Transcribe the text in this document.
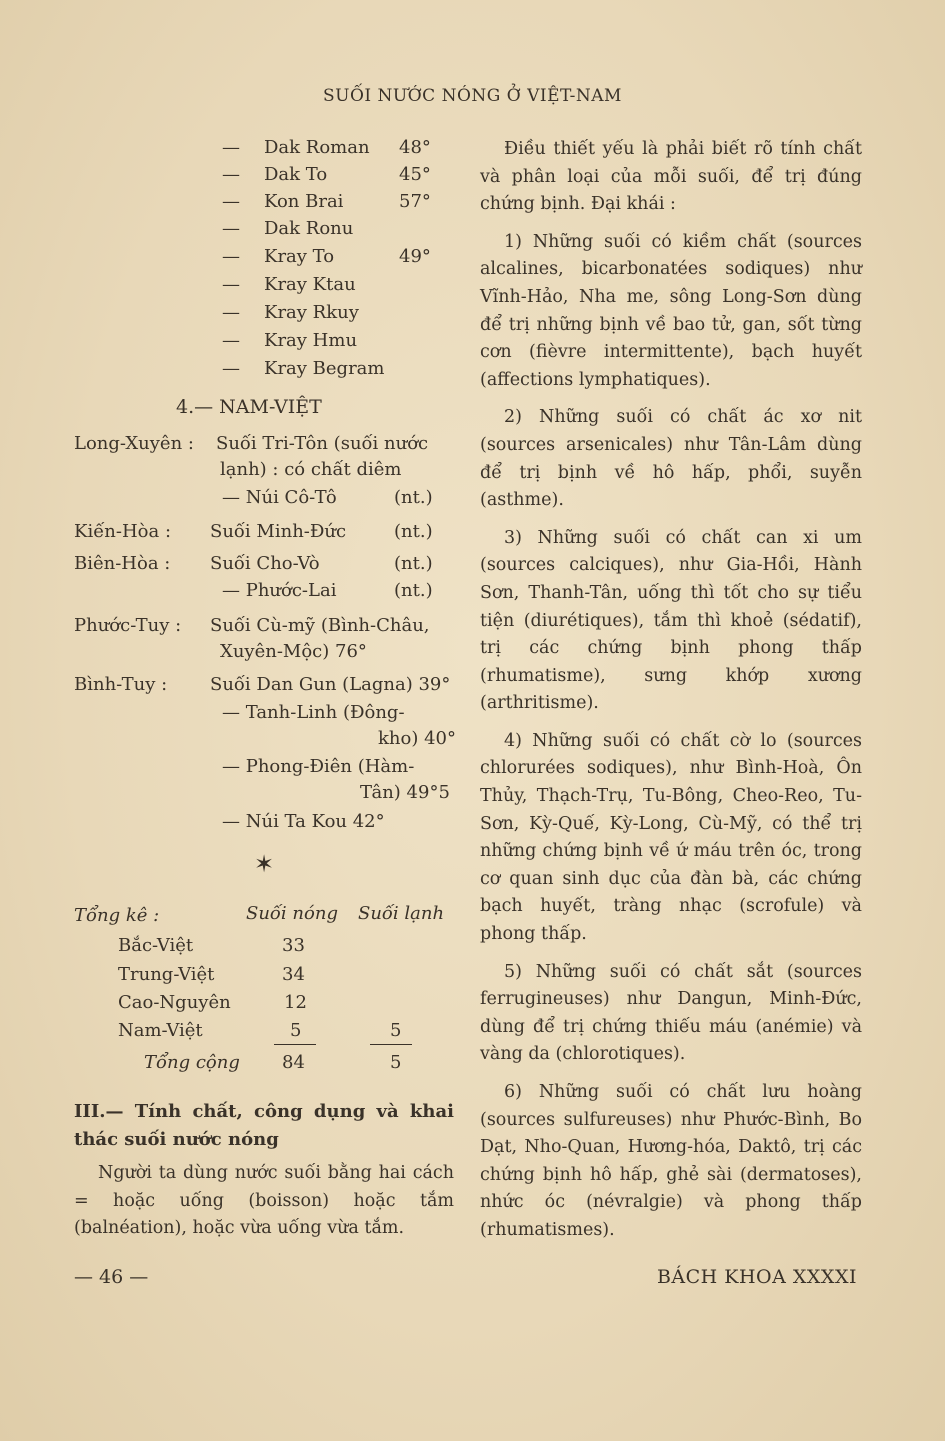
SUỐI NƯỚC NÓNG Ở VIỆT-NAM
— Dak Roman 48°
— Dak To	45°
— Kon Brai	57°
— Dak Ronu
— Kray To	49°
— Kray Ktau
— Kray Rkuy
— Kray Hmu
— Kray Begram
4.— NAM-VIỆT
Long-Xuyên : Suối Tri-Tôn (suối nước
lạnh) : có chất diêm
— Núi Cô-Tô	(nt.)
Kiến-Hòa : Suối Minh-Đức	(nt.)
Biên-Hòa : Suối Cho-Vò	(nt.)
— Phước-Lai	(nt.)
Phước-Tuy : Suối Cù-mỹ (Bình-Châu,
Xuyên-Mộc) 76°
Bình-Tuy : Suối Dan Gun (Lagna) 39°
— Tanh-Linh (Đông-
kho) 40°
— Phong-Điên (Hàm-
Tân) 49°5
— Núi Ta Kou 42°
✶
Tổng kê :	Suối nóng Suối lạnh
Bắc-Việt	33
Trung-Việt	34
Cao-Nguyên	12
Nam-Việt	5	5
Tổng cộng 84	5
III.— Tính chất, công dụng và khai thác suối nước nóng

Người ta dùng nước suối bằng hai cách = hoặc uống (boisson) hoặc tắm (balnéation), hoặc vừa uống vừa tắm.

Điều thiết yếu là phải biết rõ tính chất và phân loại của mỗi suối, để trị đúng chứng bịnh. Đại khái :

1) Những suối có kiềm chất (sources alcalines, bicarbonatées sodiques) như Vĩnh-Hảo, Nha me, sông Long-Sơn dùng để trị những bịnh về bao tử, gan, sốt từng cơn (fièvre intermittente), bạch huyết (affections lymphatiques).

2) Những suối có chất ác xơ nit (sources arsenicales) như Tân-Lâm dùng để trị bịnh về hô hấp, phổi, suyễn (asthme).

3) Những suối có chất can xi um (sources calciques), như Gia-Hồi, Hành Sơn, Thanh-Tân, uống thì tốt cho sự tiểu tiện (diurétiques), tắm thì khoẻ (sédatif), trị các chứng bịnh phong thấp (rhumatisme), sưng khớp xương (arthritisme).

4) Những suối có chất cờ lo (sources chlorurées sodiques), như Bình-Hoà, Ôn Thủy, Thạch-Trụ, Tu-Bông, Cheo-Reo, Tu-Sơn, Kỳ-Quế, Kỳ-Long, Cù-Mỹ, có thể trị những chứng bịnh về ứ máu trên óc, trong cơ quan sinh dục của đàn bà, các chứng bạch huyết, tràng nhạc (scrofule) và phong thấp.

5) Những suối có chất sắt (sources ferrugineuses) như Dangun, Minh-Đức, dùng để trị chứng thiếu máu (anémie) và vàng da (chlorotiques).

6) Những suối có chất lưu hoàng (sources sulfureuses) như Phước-Bình, Bo Dạt, Nho-Quan, Hương-hóa, Daktô, trị các chứng bịnh hô hấp, ghẻ sài (dermatoses), nhức óc (névralgie) và phong thấp (rhumatismes).

— 46 —	BÁCH KHOA XXXXI
